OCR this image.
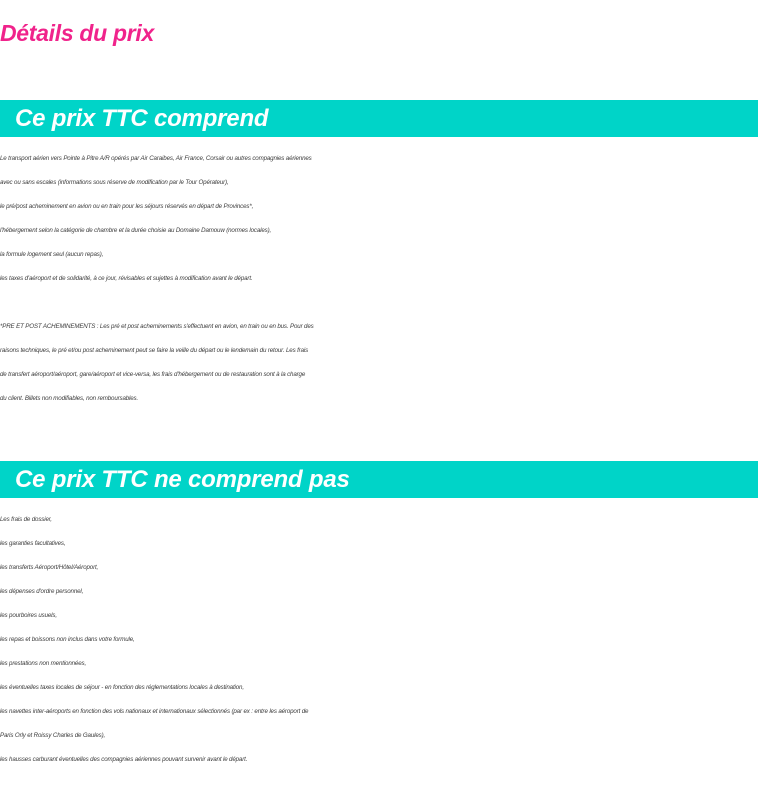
Détails du prix
Ce prix TTC comprend
Le transport aérien vers Pointe à Pitre A/R opérés par Air Caraibes, Air France, Corsair ou autres compagnies aériennes
avec ou sans escales (informations sous réserve de modification par le Tour Opérateur),
le pré/post acheminement en avion ou en train pour les séjours réservés en départ de Provinces*,
l'hébergement selon la catégorie de chambre et la durée choisie au Domaine Damouw (normes locales),
la formule logement seul (aucun repas),
les taxes d'aéroport et de solidarité, à ce jour, révisables et sujettes à modification avant le départ.
*PRE ET POST ACHEMINEMENTS : Les pré et post acheminements s'effectuent en avion, en train ou en bus. Pour des
raisons techniques, le pré et/ou post acheminement peut se faire la veille du départ ou le lendemain du retour. Les frais
de transfert aéroport/aéroport, gare/aéroport et vice-versa, les frais d'hébergement ou de restauration sont à la charge
du client. Billets non modifiables, non remboursables.
Ce prix TTC ne comprend pas
Les frais de dossier,
les garanties facultatives,
les transferts Aéroport/Hôtel/Aéroport,
les dépenses d'ordre personnel,
les pourboires usuels,
les repas et boissons non inclus dans votre formule,
les prestations non mentionnées,
les éventuelles taxes locales de séjour - en fonction des réglementations locales à destination,
les navettes inter-aéroports en fonction des vols nationaux et internationaux sélectionnés (par ex : entre les aéroport de
Paris Orly et Roissy Charles de Gaules),
les hausses carburant éventuelles des compagnies aériennes pouvant survenir avant le départ.
